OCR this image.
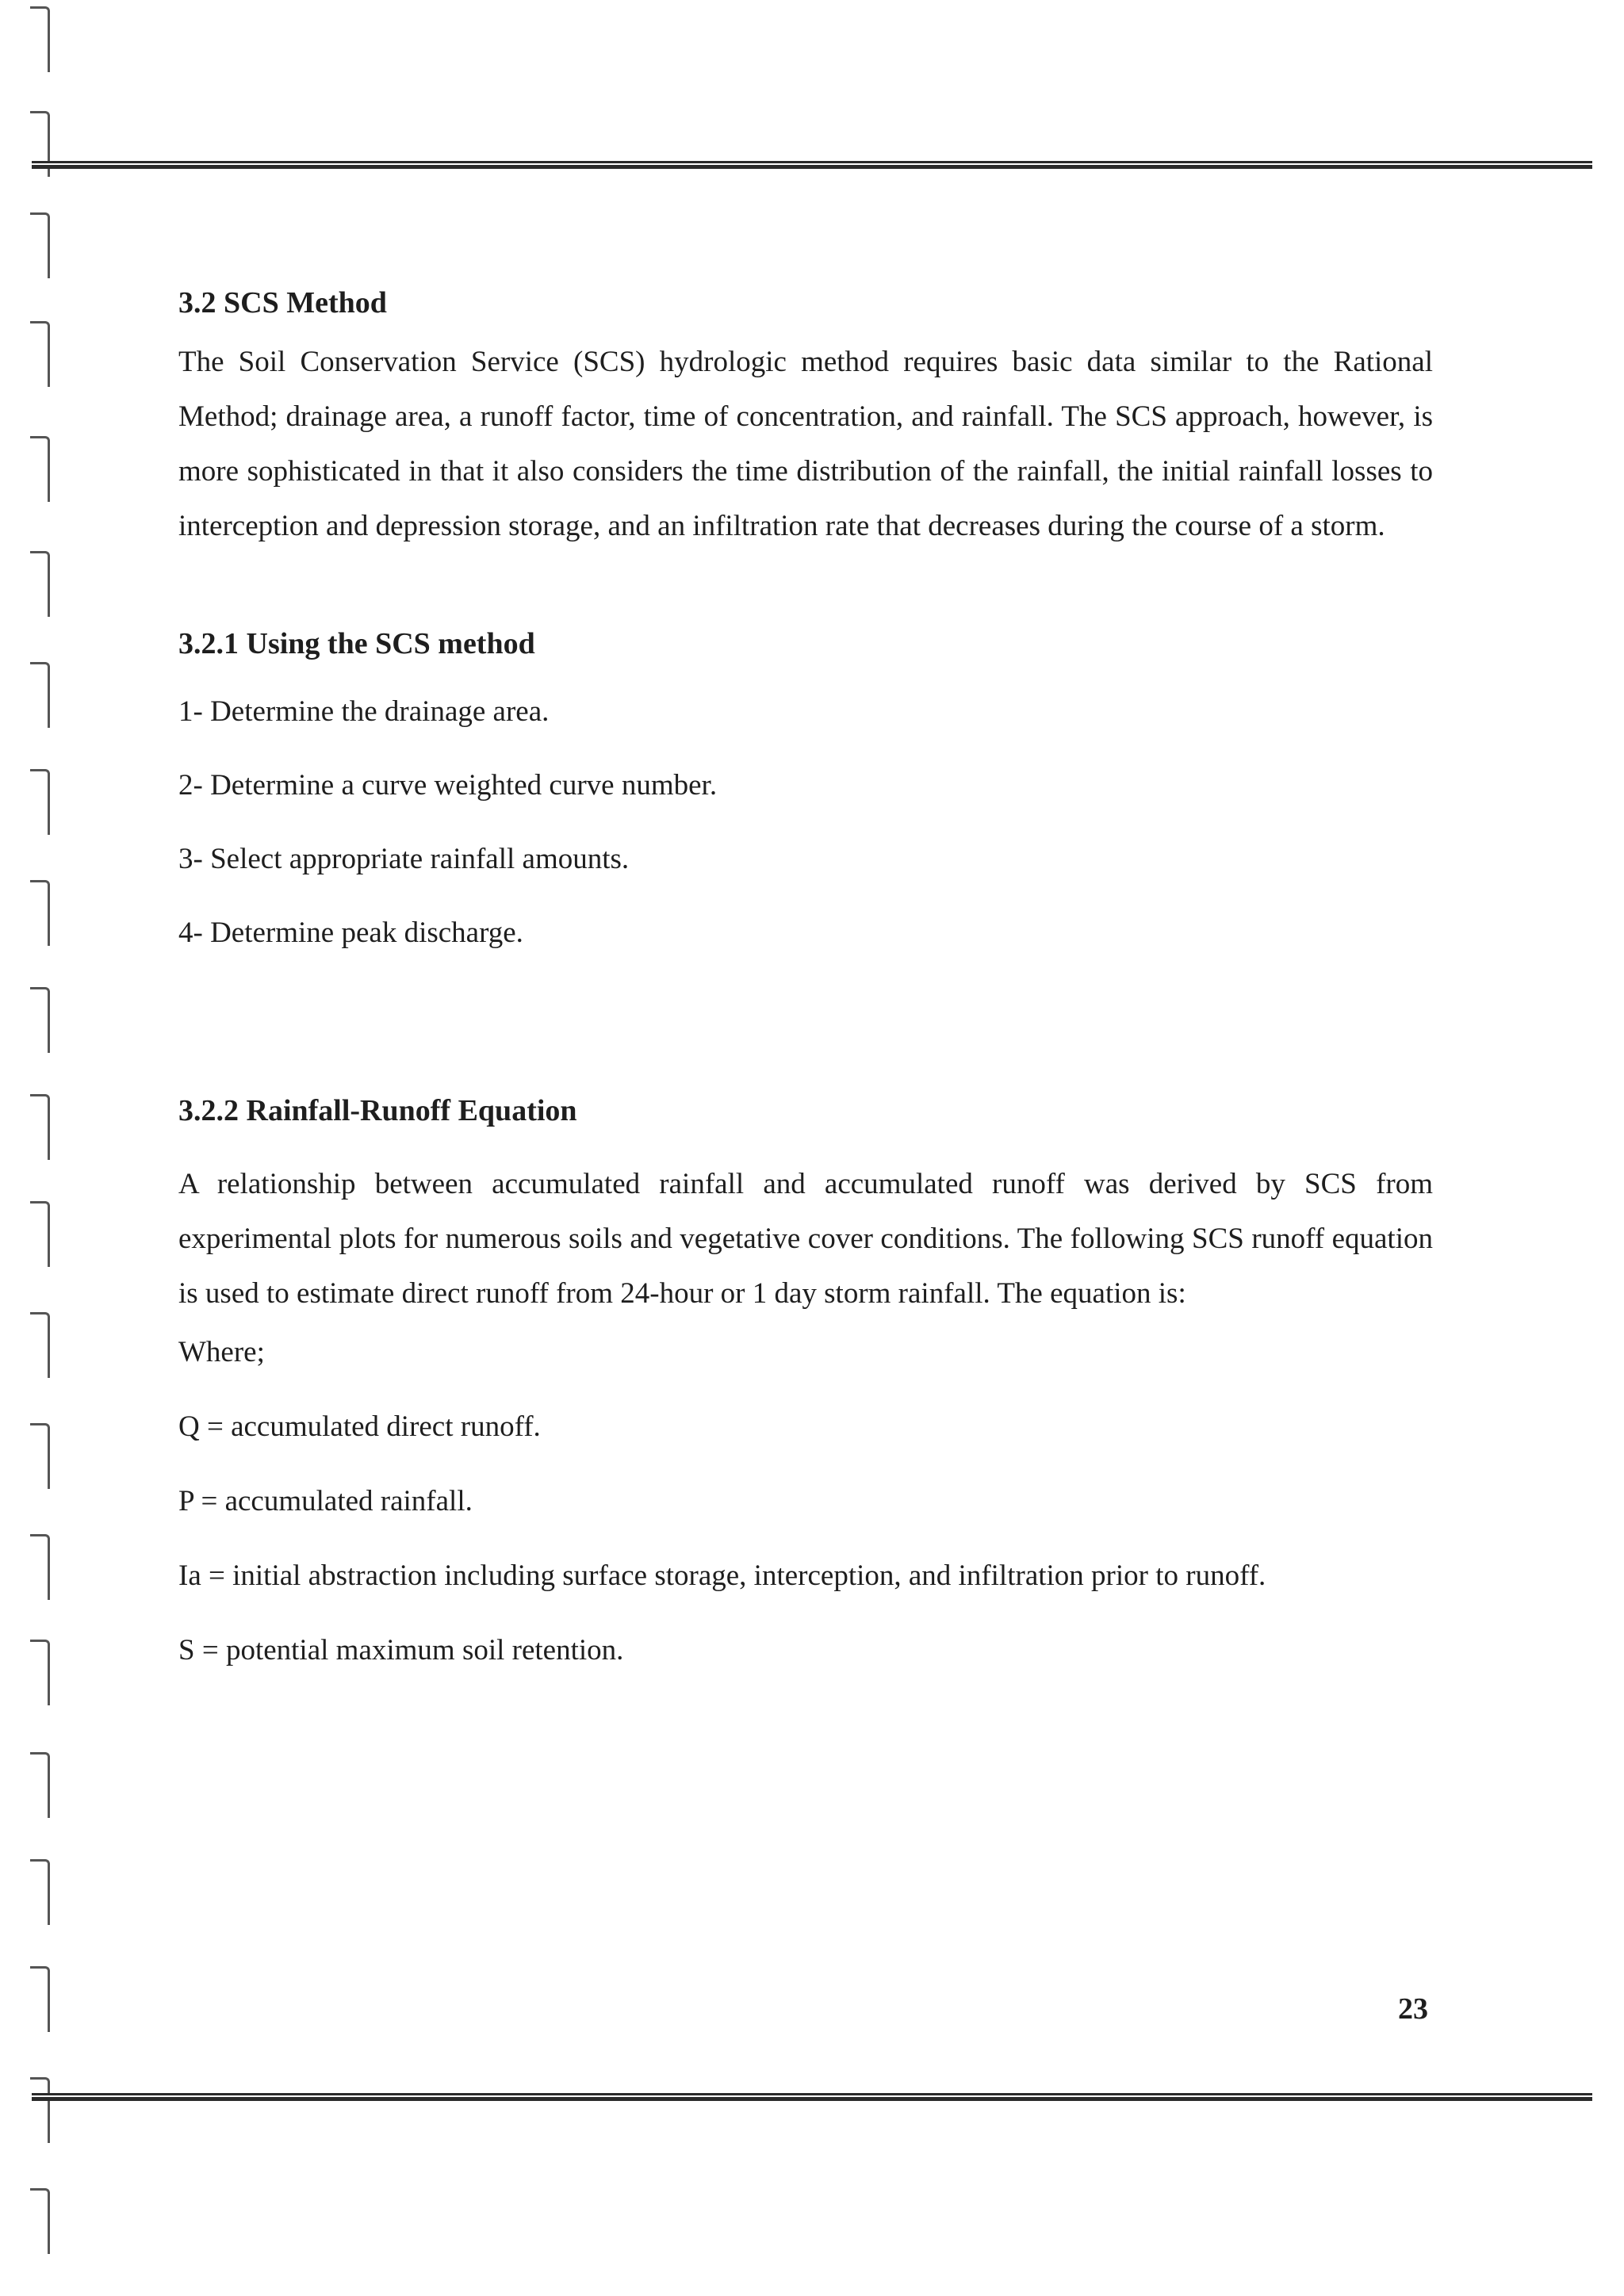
3.2 SCS Method

The Soil Conservation Service (SCS) hydrologic method requires basic data similar to the Rational Method; drainage area, a runoff factor, time of concentration, and rainfall. The SCS approach, however, is more sophisticated in that it also considers the time distribution of the rainfall, the initial rainfall losses to interception and depression storage, and an infiltration rate that decreases during the course of a storm.

3.2.1 Using the SCS method

1- Determine the drainage area.

2- Determine a curve weighted curve number.

3- Select appropriate rainfall amounts.

4- Determine peak discharge.

3.2.2 Rainfall-Runoff Equation

A relationship between accumulated rainfall and accumulated runoff was derived by SCS from experimental plots for numerous soils and vegetative cover conditions. The following SCS runoff equation is used to estimate direct runoff from 24-hour or 1 day storm rainfall. The equation is:

Where;

Q = accumulated direct runoff.

P = accumulated rainfall.

Ia = initial abstraction including surface storage, interception, and infiltration prior to runoff.

S = potential maximum soil retention.

23
